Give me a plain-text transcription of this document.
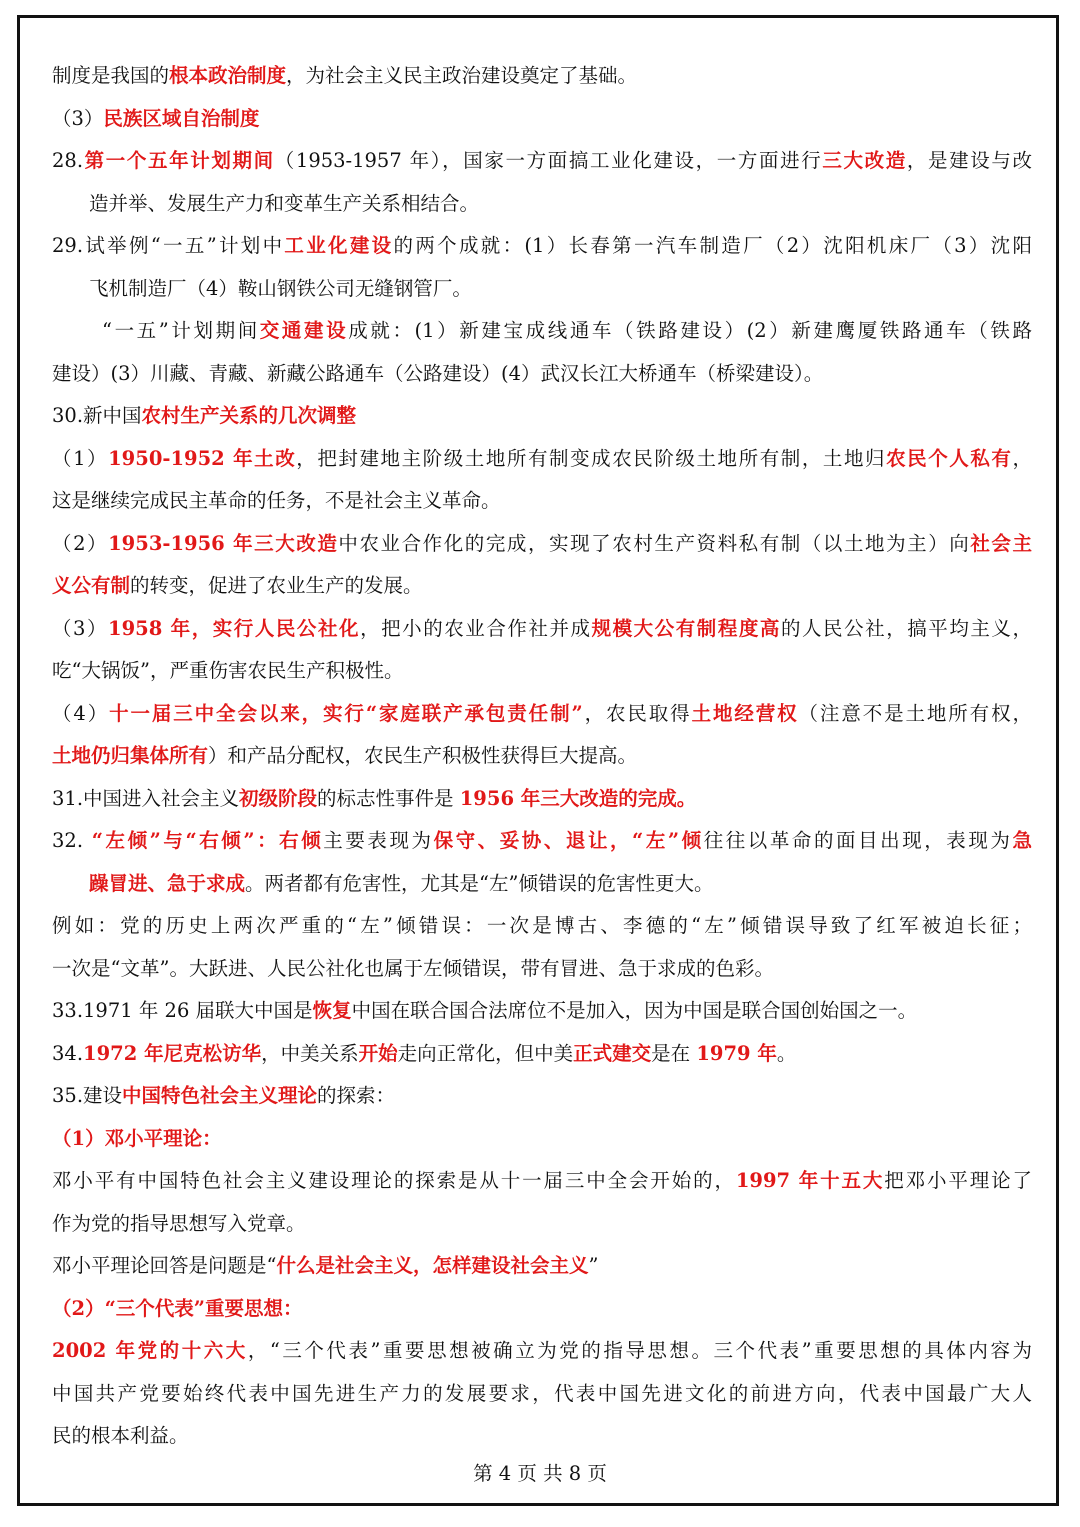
制度是我国的根本政治制度，为社会主义民主政治建设奠定了基础。
（3）民族区域自治制度
28.第一个五年计划期间（1953-1957 年），国家一方面搞工业化建设，一方面进行三大改造，是建设与改
造并举、发展生产力和变革生产关系相结合。
29.试举例“一五”计划中工业化建设的两个成就：(1）长春第一汽车制造厂（2）沈阳机床厂（3）沈阳
飞机制造厂（4）鞍山钢铁公司无缝钢管厂。
“一五”计划期间交通建设成就：(1）新建宝成线通车（铁路建设）(2）新建鹰厦铁路通车（铁路
建设）(3）川藏、青藏、新藏公路通车（公路建设）(4）武汉长江大桥通车（桥梁建设）。
30.新中国农村生产关系的几次调整
（1）1950-1952 年土改，把封建地主阶级土地所有制变成农民阶级土地所有制，土地归农民个人私有，
这是继续完成民主革命的任务，不是社会主义革命。
（2）1953-1956 年三大改造中农业合作化的完成，实现了农村生产资料私有制（以土地为主）向社会主
义公有制的转变，促进了农业生产的发展。
（3）1958 年，实行人民公社化，把小的农业合作社并成规模大公有制程度高的人民公社，搞平均主义，
吃“大锅饭”，严重伤害农民生产积极性。
（4）十一届三中全会以来，实行“家庭联产承包责任制”，农民取得土地经营权（注意不是土地所有权，
土地仍归集体所有）和产品分配权，农民生产积极性获得巨大提高。
31.中国进入社会主义初级阶段的标志性事件是 1956 年三大改造的完成。
32. “左倾”与“右倾”：右倾主要表现为保守、妥协、退让，“左”倾往往以革命的面目出现，表现为急
躁冒进、急于求成。两者都有危害性，尤其是“左”倾错误的危害性更大。
例如：党的历史上两次严重的“左”倾错误：一次是博古、李德的“左”倾错误导致了红军被迫长征；
一次是“文革”。大跃进、人民公社化也属于左倾错误，带有冒进、急于求成的色彩。
33.1971 年 26 届联大中国是恢复中国在联合国合法席位不是加入，因为中国是联合国创始国之一。
34.1972 年尼克松访华，中美关系开始走向正常化，但中美正式建交是在 1979 年。
35.建设中国特色社会主义理论的探索：
（1）邓小平理论：
邓小平有中国特色社会主义建设理论的探索是从十一届三中全会开始的，1997 年十五大把邓小平理论了
作为党的指导思想写入党章。
邓小平理论回答是问题是“什么是社会主义，怎样建设社会主义”
（2）“三个代表”重要思想：
2002 年党的十六大，“三个代表”重要思想被确立为党的指导思想。三个代表”重要思想的具体内容为
中国共产党要始终代表中国先进生产力的发展要求，代表中国先进文化的前进方向，代表中国最广大人
民的根本利益。
第 4 页 共 8 页
